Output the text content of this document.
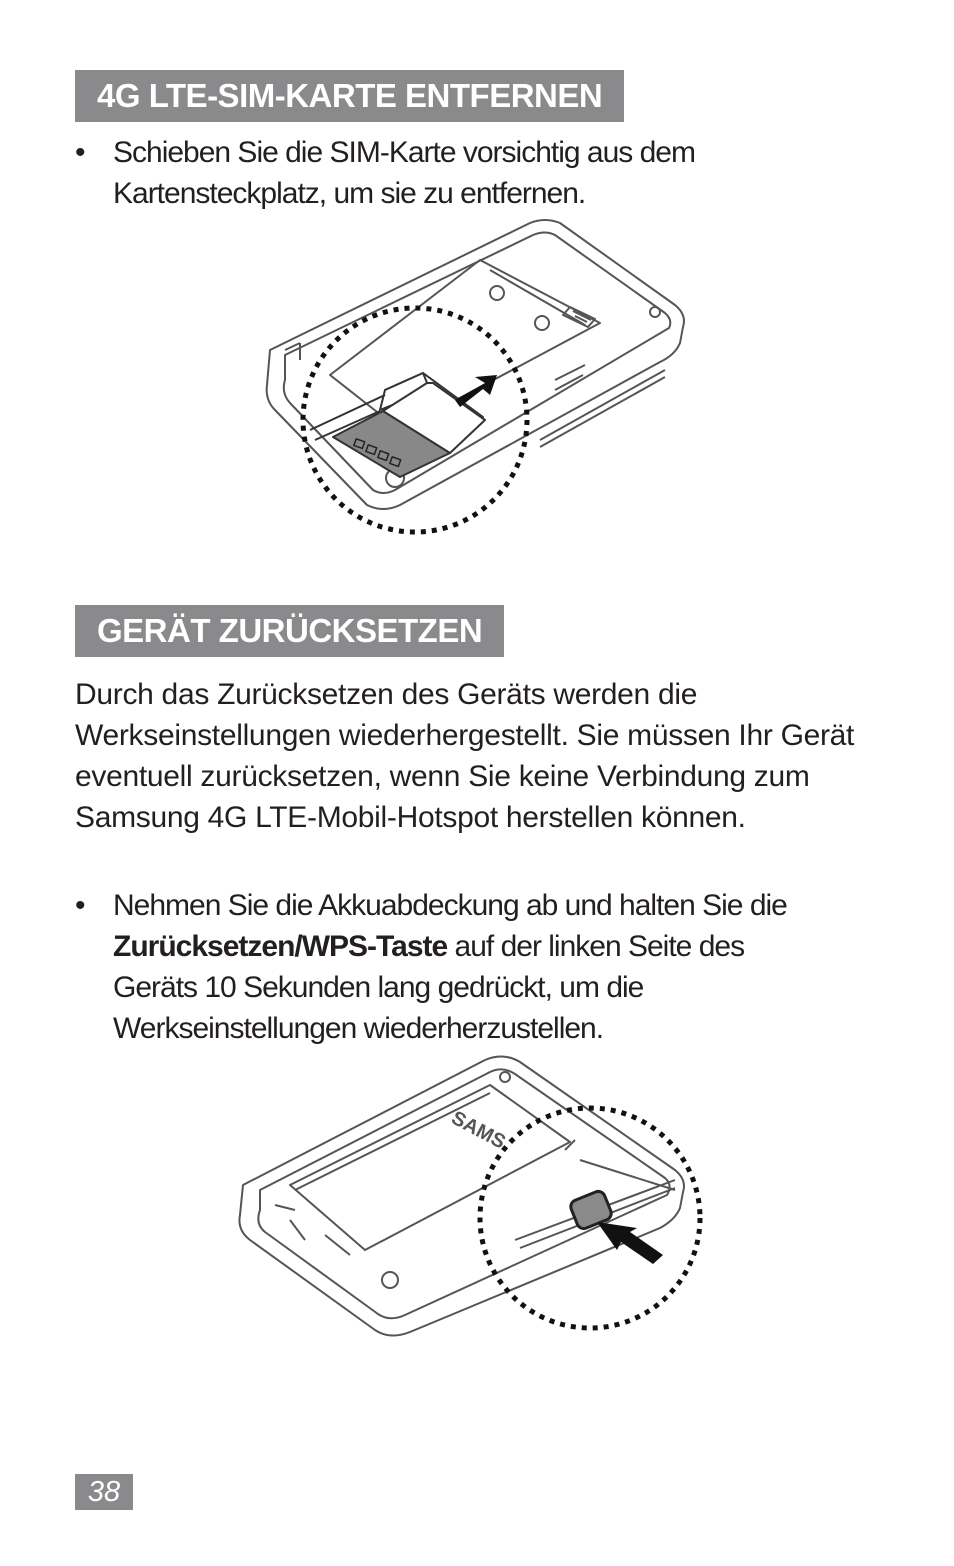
4G LTE-SIM-KARTE ENTFERNEN
• Schieben Sie die SIM-Karte vorsichtig aus dem Kartensteckplatz, um sie zu entfernen.
GERÄT ZURÜCKSETZEN
Durch das Zurücksetzen des Geräts werden die Werkseinstellungen wiederhergestellt. Sie müssen Ihr Gerät eventuell zurücksetzen, wenn Sie keine Verbindung zum Samsung 4G LTE-Mobil-Hotspot herstellen können.
• Nehmen Sie die Akkuabdeckung ab und halten Sie die Zurücksetzen/WPS-Taste auf der linken Seite des Geräts 10 Sekunden lang gedrückt, um die Werkseinstellungen wiederherzustellen.
SAMS
38
